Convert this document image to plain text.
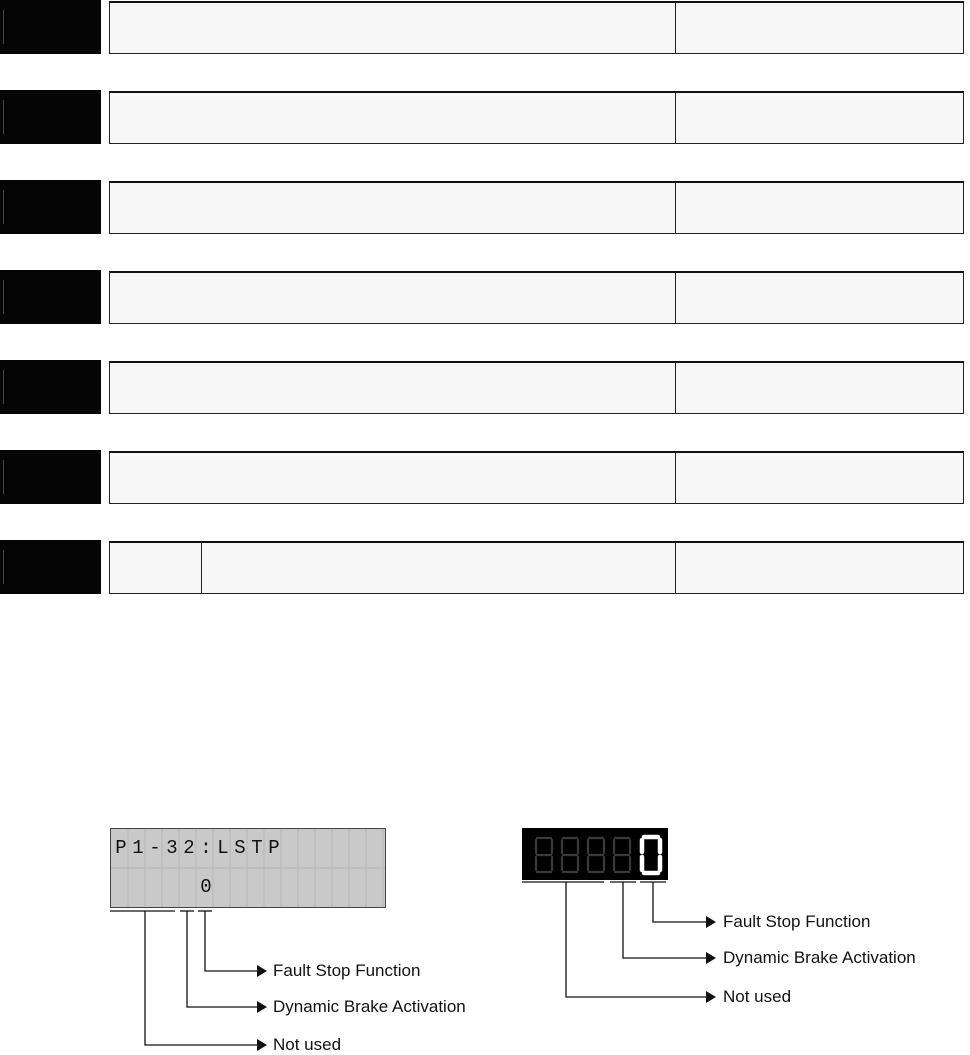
P 1 - 3 2 : L S T P
0
Fault Stop Function
Dynamic Brake Activation
Not used
Fault Stop Function
Dynamic Brake Activation
Not used
